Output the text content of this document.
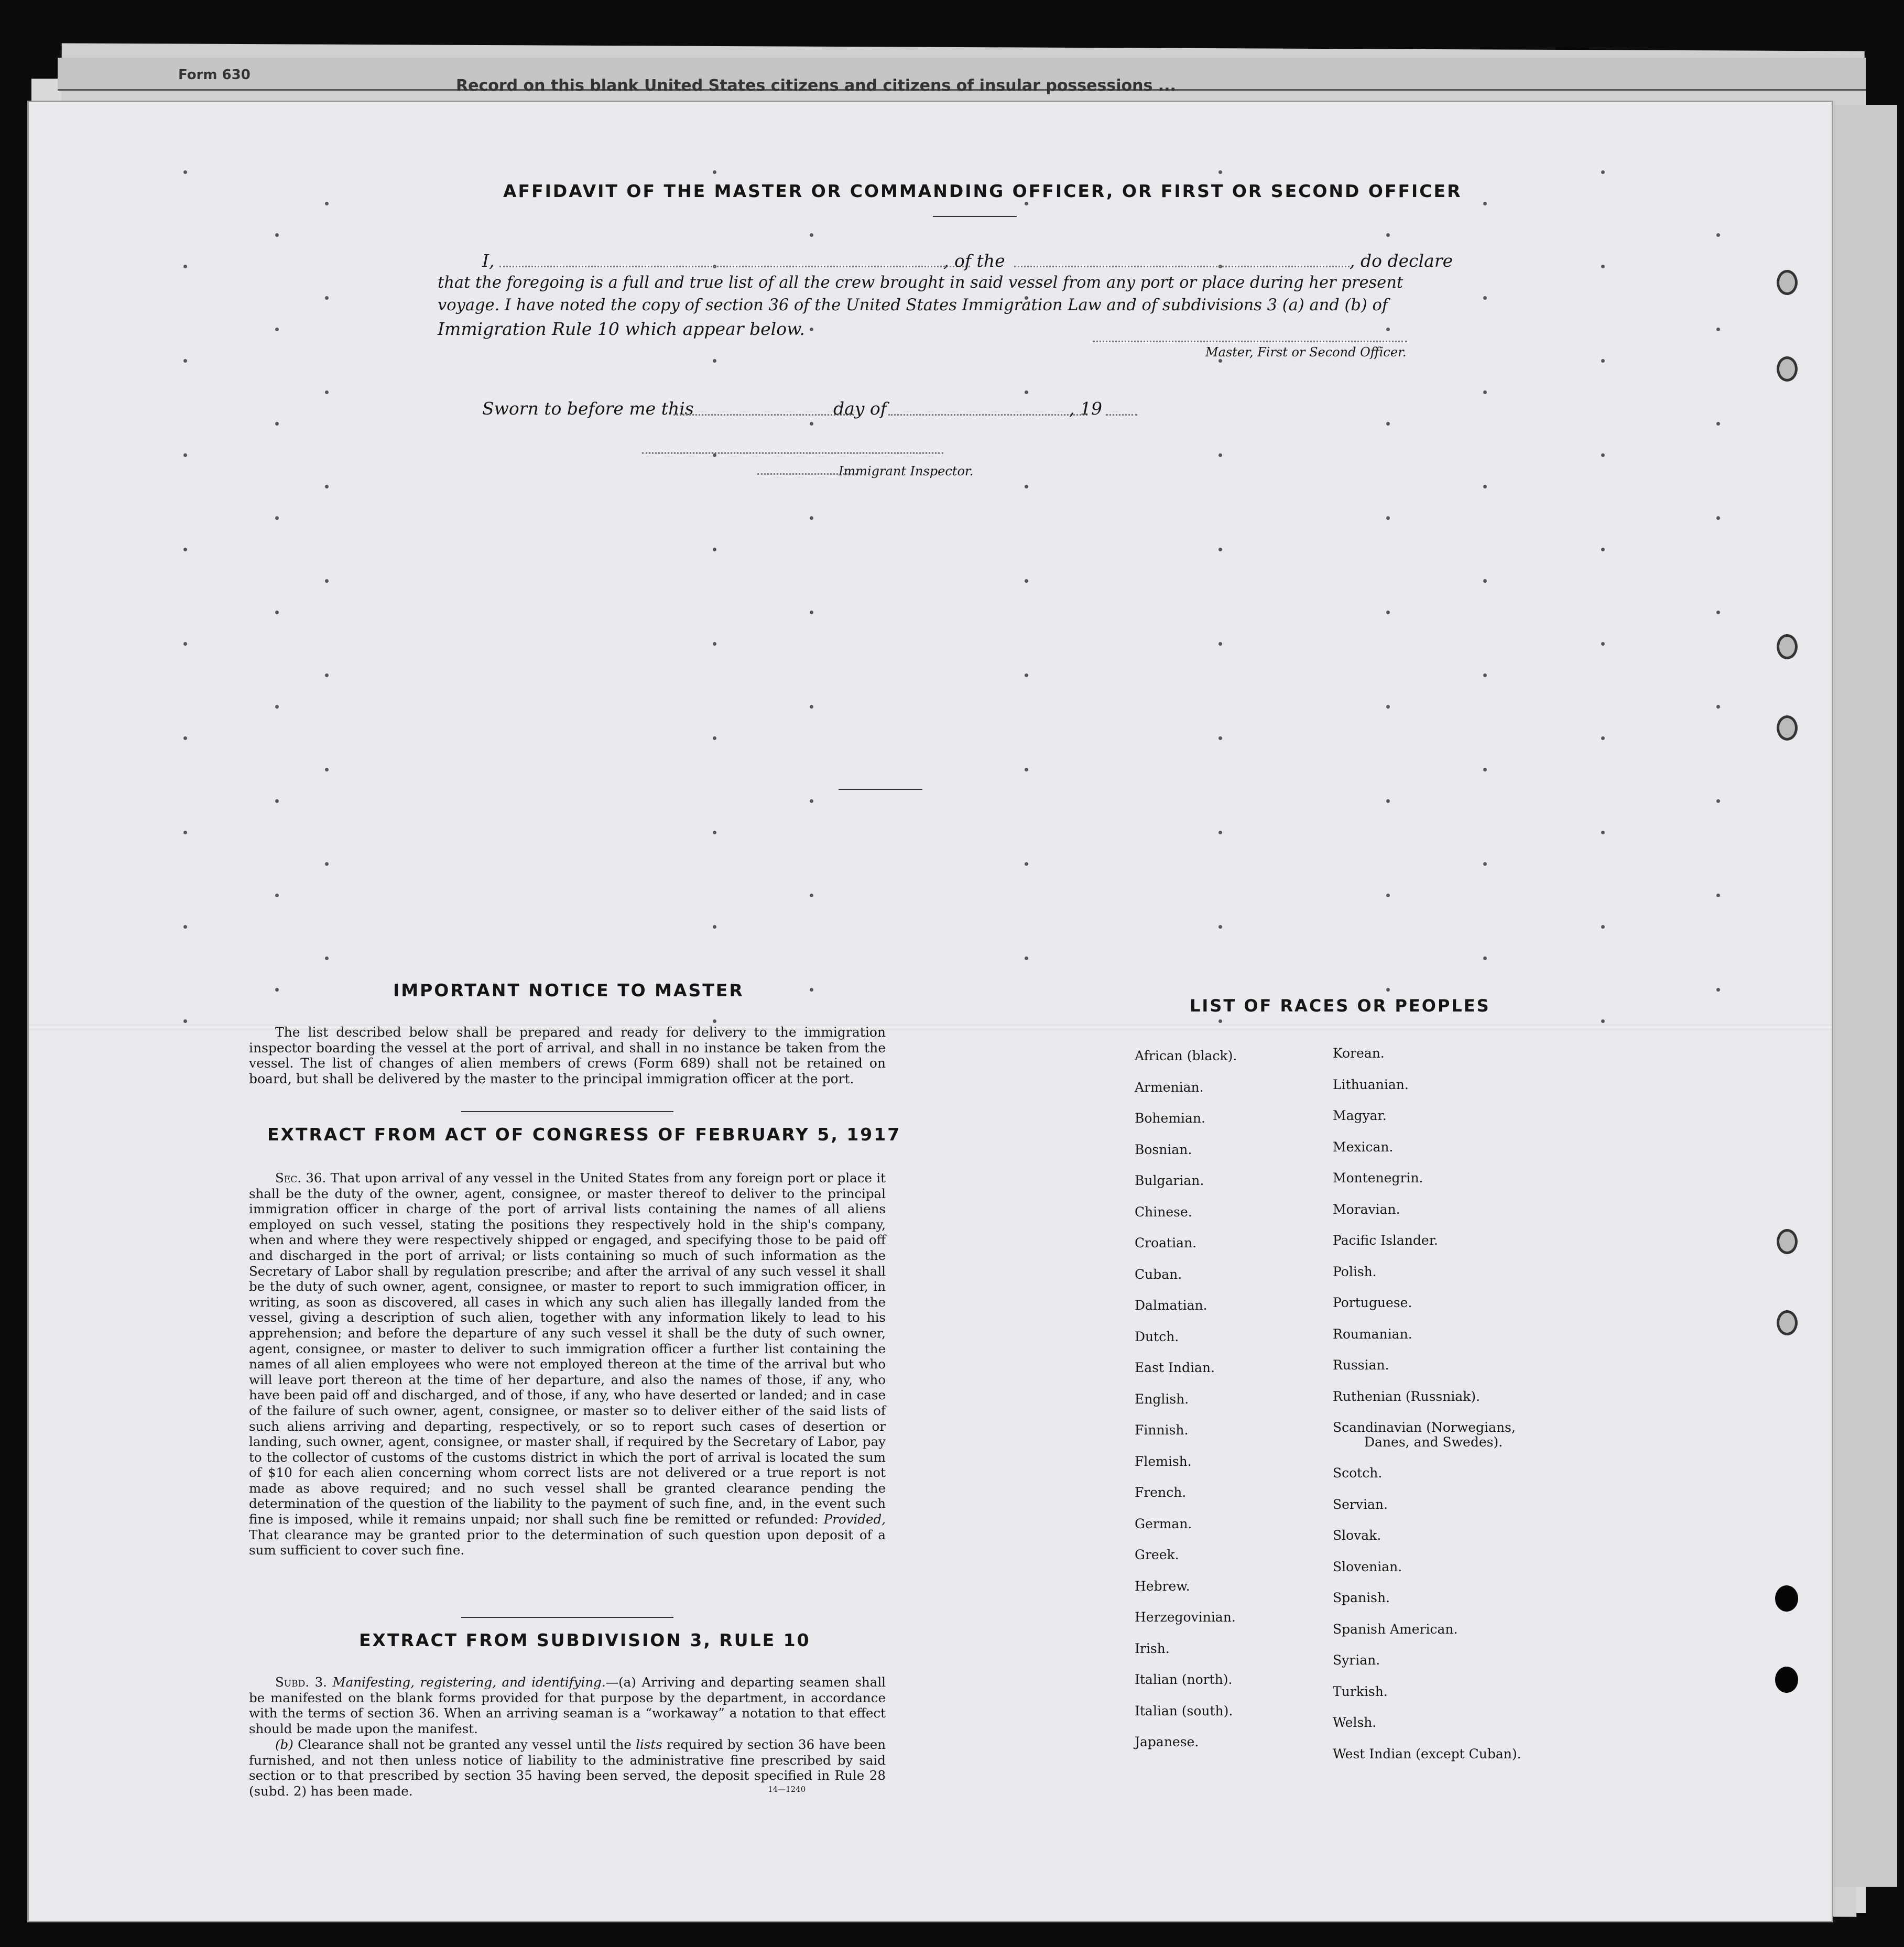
Form 630
Record on this blank United States citizens and citizens of insular possessions ...
AFFIDAVIT OF THE MASTER OR COMMANDING OFFICER, OR FIRST OR SECOND OFFICER
I,	, of the	, do declare
that the foregoing is a full and true list of all the crew brought in said vessel from any port or place during her present
voyage. I have noted the copy of section 36 of the United States Immigration Law and of subdivisions 3 (a) and (b) of
Immigration Rule 10 which appear below.
Master, First or Second Officer.
Sworn to before me this	day of	, 19
Immigrant Inspector.
IMPORTANT NOTICE TO MASTER

The list described below shall be prepared and ready for delivery to the immigration inspector boarding the vessel at the port of arrival, and shall in no instance be taken from the vessel. The list of changes of alien members of crews (Form 689) shall not be retained on board, but shall be delivered by the master to the principal immigration officer at the port.

EXTRACT FROM ACT OF CONGRESS OF FEBRUARY 5, 1917

Sec. 36. That upon arrival of any vessel in the United States from any foreign port or place it shall be the duty of the owner, agent, consignee, or master thereof to deliver to the principal immigration officer in charge of the port of arrival lists containing the names of all aliens employed on such vessel, stating the positions they respectively hold in the ship's company, when and where they were respectively shipped or engaged, and specifying those to be paid off and discharged in the port of arrival; or lists containing so much of such information as the Secretary of Labor shall by regulation prescribe; and after the arrival of any such vessel it shall be the duty of such owner, agent, consignee, or master to report to such immigration officer, in writing, as soon as discovered, all cases in which any such alien has illegally landed from the vessel, giving a description of such alien, together with any information likely to lead to his apprehension; and before the departure of any such vessel it shall be the duty of such owner, agent, consignee, or master to deliver to such immigration officer a further list containing the names of all alien employees who were not employed thereon at the time of the arrival but who will leave port thereon at the time of her departure, and also the names of those, if any, who have been paid off and discharged, and of those, if any, who have deserted or landed; and in case of the failure of such owner, agent, consignee, or master so to deliver either of the said lists of such aliens arriving and departing, respectively, or so to report such cases of desertion or landing, such owner, agent, consignee, or master shall, if required by the Secretary of Labor, pay to the collector of customs of the customs district in which the port of arrival is located the sum of $10 for each alien concerning whom correct lists are not delivered or a true report is not made as above required; and no such vessel shall be granted clearance pending the determination of the question of the liability to the payment of such fine, and, in the event such fine is imposed, while it remains unpaid; nor shall such fine be remitted or refunded: Provided, That clearance may be granted prior to the determination of such question upon deposit of a sum sufficient to cover such fine.

EXTRACT FROM SUBDIVISION 3, RULE 10

Subd. 3. Manifesting, registering, and identifying.—(a) Arriving and departing seamen shall be manifested on the blank forms provided for that purpose by the department, in accordance with the terms of section 36. When an arriving seaman is a “workaway” a notation to that effect should be made upon the manifest.

(b) Clearance shall not be granted any vessel until the lists required by section 36 have been furnished, and not then unless notice of liability to the administrative fine prescribed by said section or to that prescribed by section 35 having been served, the deposit specified in Rule 28 (subd. 2) has been made.	14—1240
LIST OF RACES OR PEOPLES
African (black).
Armenian.
Bohemian.
Bosnian.
Bulgarian.
Chinese.
Croatian.
Cuban.
Dalmatian.
Dutch.
East Indian.
English.
Finnish.
Flemish.
French.
German.
Greek.
Hebrew.
Herzegovinian.
Irish.
Italian (north).
Italian (south).
Japanese.
Korean.
Lithuanian.
Magyar.
Mexican.
Montenegrin.
Moravian.
Pacific Islander.
Polish.
Portuguese.
Roumanian.
Russian.
Ruthenian (Russniak).
Scandinavian (Norwegians,
Danes, and Swedes).
Scotch.
Servian.
Slovak.
Slovenian.
Spanish.
Spanish American.
Syrian.
Turkish.
Welsh.
West Indian (except Cuban).
